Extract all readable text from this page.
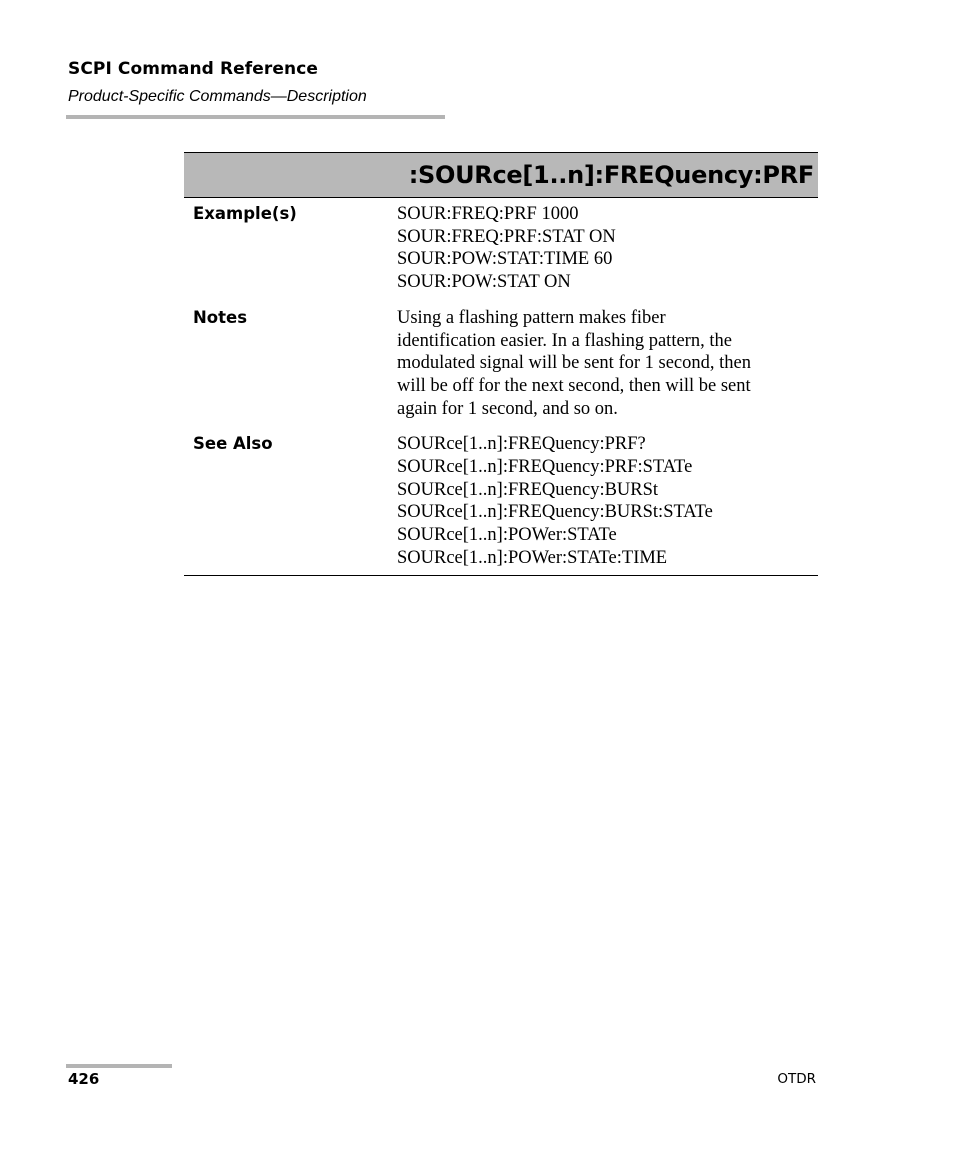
SCPI Command Reference
Product-Specific Commands—Description
:SOURce[1..n]:FREQuency:PRF
Example(s)	SOUR:FREQ:PRF 1000
SOUR:FREQ:PRF:STAT ON
SOUR:POW:STAT:TIME 60
SOUR:POW:STAT ON
Notes	Using a flashing pattern makes fiber
identification easier. In a flashing pattern, the
modulated signal will be sent for 1 second, then
will be off for the next second, then will be sent
again for 1 second, and so on.
See Also	SOURce[1..n]:FREQuency:PRF?
SOURce[1..n]:FREQuency:PRF:STATe
SOURce[1..n]:FREQuency:BURSt
SOURce[1..n]:FREQuency:BURSt:STATe
SOURce[1..n]:POWer:STATe
SOURce[1..n]:POWer:STATe:TIME
426	OTDR
